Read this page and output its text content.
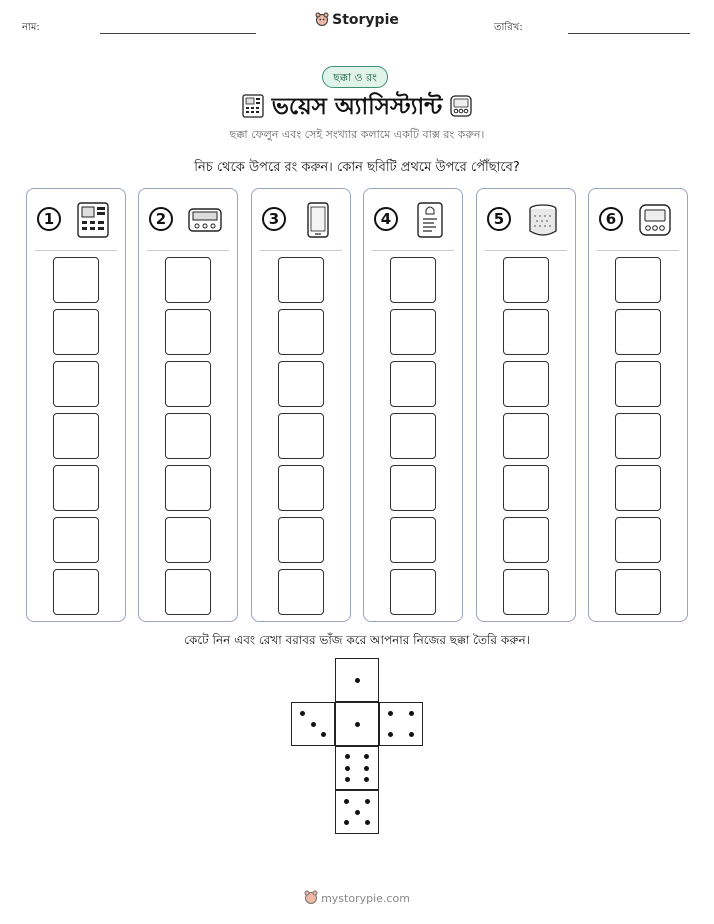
নাম:	Storypie	তারিখ:
ছক্কা ও রং
ভয়েস অ্যাসিস্ট্যান্ট
ছক্কা ফেলুন এবং সেই সংখ্যার কলামে একটি বাক্স রং করুন।
নিচ থেকে উপরে রং করুন। কোন ছবিটি প্রথমে উপরে পৌঁছাবে?
1	2	3	4	5	6
কেটে নিন এবং রেখা বরাবর ভাঁজ করে আপনার নিজের ছক্কা তৈরি করুন।
mystorypie.com
